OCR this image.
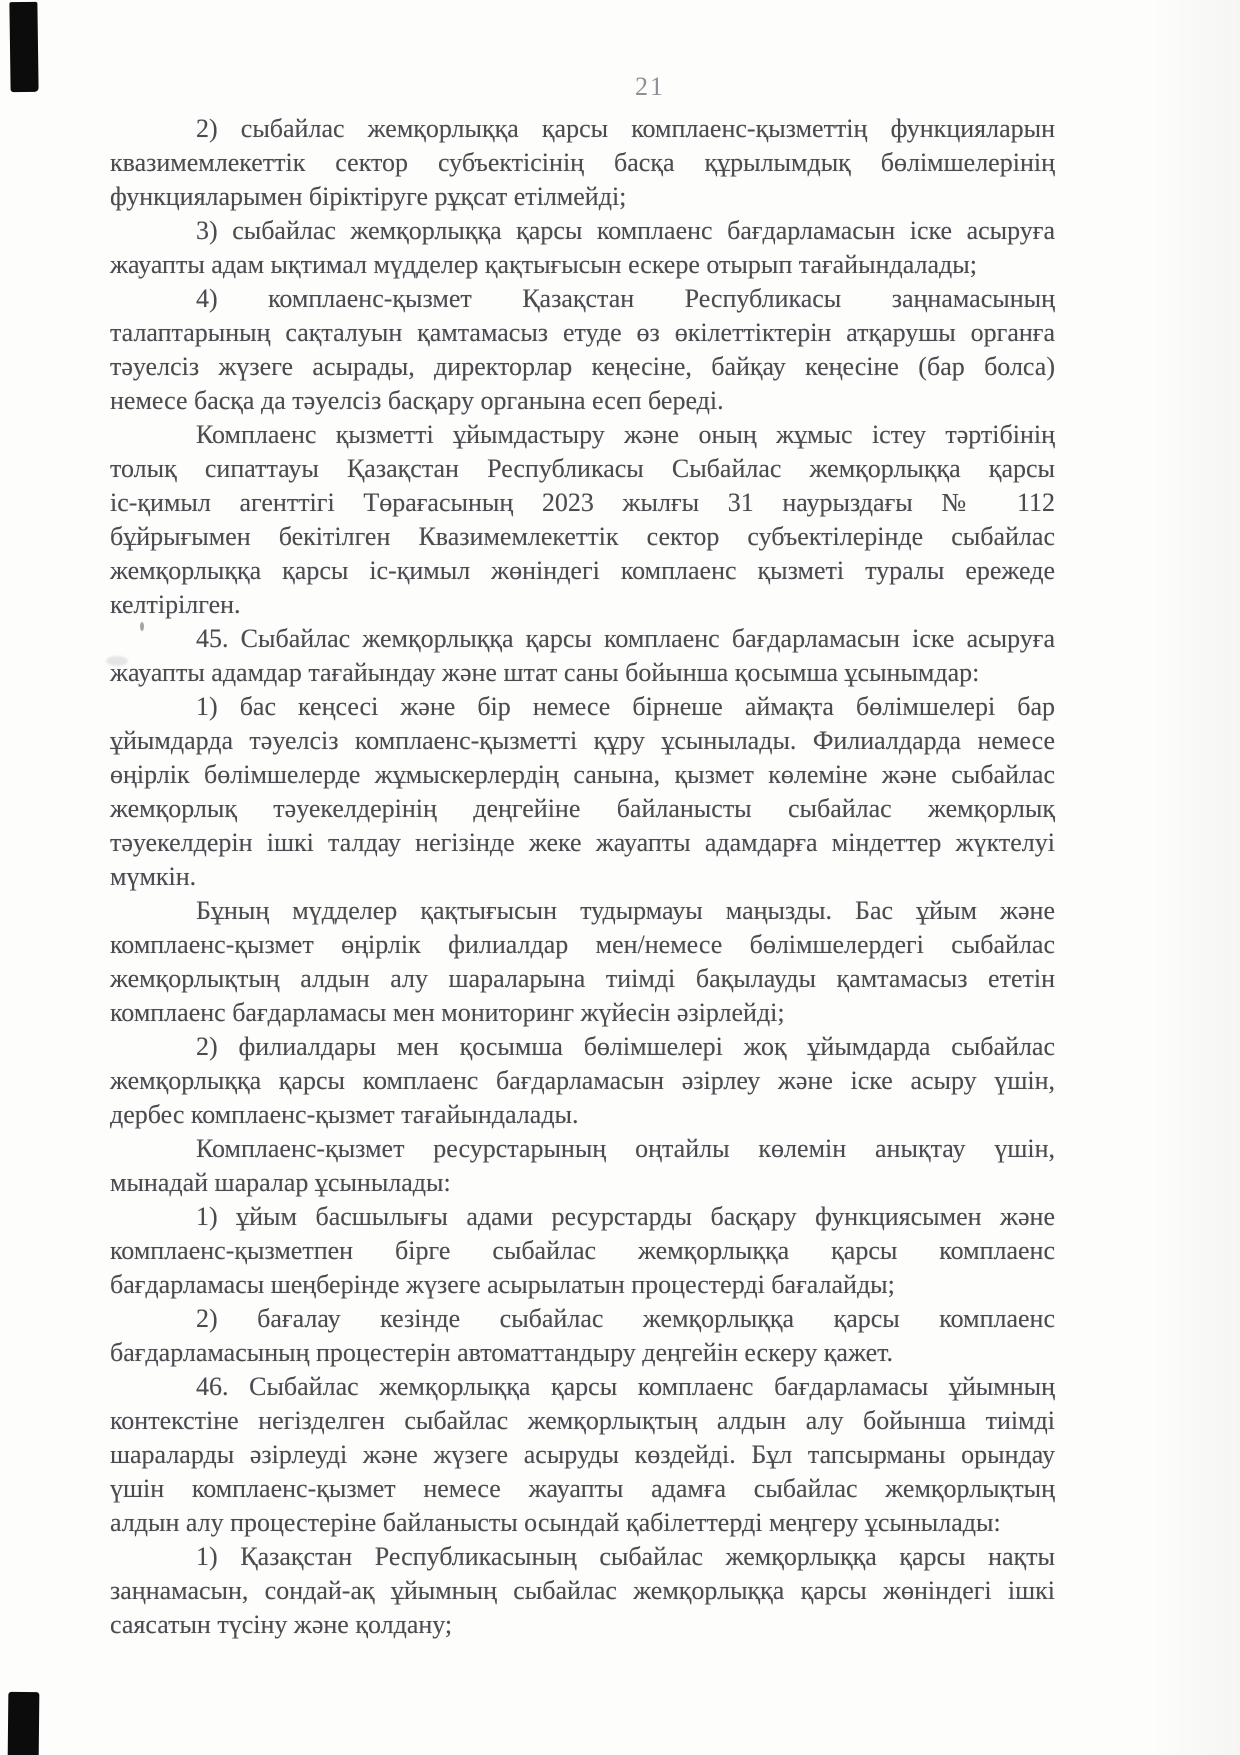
21
2) сыбайлас жемқорлыққа қарсы комплаенс-қызметтің функцияларын
квазимемлекеттік сектор субъектісінің басқа құрылымдық бөлімшелерінің
функцияларымен біріктіруге рұқсат етілмейді;
3) сыбайлас жемқорлыққа қарсы комплаенс бағдарламасын іске асыруға
жауапты адам ықтимал мүдделер қақтығысын ескере отырып тағайындалады;
4) комплаенс-қызмет Қазақстан Республикасы заңнамасының
талаптарының сақталуын қамтамасыз етуде өз өкілеттіктерін атқарушы органға
тәуелсіз жүзеге асырады, директорлар кеңесіне, байқау кеңесіне (бар болса)
немесе басқа да тәуелсіз басқару органына есеп береді.
Комплаенс қызметті ұйымдастыру және оның жұмыс істеу тәртібінің
толық сипаттауы Қазақстан Республикасы Сыбайлас жемқорлыққа қарсы
іс-қимыл агенттігі Төрағасының 2023 жылғы 31 наурыздағы № 112
бұйрығымен бекітілген Квазимемлекеттік сектор субъектілерінде сыбайлас
жемқорлыққа қарсы іс-қимыл жөніндегі комплаенс қызметі туралы ережеде
келтірілген.
45. Сыбайлас жемқорлыққа қарсы комплаенс бағдарламасын іске асыруға
жауапты адамдар тағайындау және штат саны бойынша қосымша ұсынымдар:
1) бас кеңсесі және бір немесе бірнеше аймақта бөлімшелері бар
ұйымдарда тәуелсіз комплаенс-қызметті құру ұсынылады. Филиалдарда немесе
өңірлік бөлімшелерде жұмыскерлердің санына, қызмет көлеміне және сыбайлас
жемқорлық тәуекелдерінің деңгейіне байланысты сыбайлас жемқорлық
тәуекелдерін ішкі талдау негізінде жеке жауапты адамдарға міндеттер жүктелуі
мүмкін.
Бұның мүдделер қақтығысын тудырмауы маңызды. Бас ұйым және
комплаенс-қызмет өңірлік филиалдар мен/немесе бөлімшелердегі сыбайлас
жемқорлықтың алдын алу шараларына тиімді бақылауды қамтамасыз ететін
комплаенс бағдарламасы мен мониторинг жүйесін әзірлейді;
2) филиалдары мен қосымша бөлімшелері жоқ ұйымдарда сыбайлас
жемқорлыққа қарсы комплаенс бағдарламасын әзірлеу және іске асыру үшін,
дербес комплаенс-қызмет тағайындалады.
Комплаенс-қызмет ресурстарының оңтайлы көлемін анықтау үшін,
мынадай шаралар ұсынылады:
1) ұйым басшылығы адами ресурстарды басқару функциясымен және
комплаенс-қызметпен бірге сыбайлас жемқорлыққа қарсы комплаенс
бағдарламасы шеңберінде жүзеге асырылатын процестерді бағалайды;
2) бағалау кезінде сыбайлас жемқорлыққа қарсы комплаенс
бағдарламасының процестерін автоматтандыру деңгейін ескеру қажет.
46. Сыбайлас жемқорлыққа қарсы комплаенс бағдарламасы ұйымның
контекстіне негізделген сыбайлас жемқорлықтың алдын алу бойынша тиімді
шараларды әзірлеуді және жүзеге асыруды көздейді. Бұл тапсырманы орындау
үшін комплаенс-қызмет немесе жауапты адамға сыбайлас жемқорлықтың
алдын алу процестеріне байланысты осындай қабілеттерді меңгеру ұсынылады:
1) Қазақстан Республикасының сыбайлас жемқорлыққа қарсы нақты
заңнамасын, сондай-ақ ұйымның сыбайлас жемқорлыққа қарсы жөніндегі ішкі
саясатын түсіну және қолдану;
